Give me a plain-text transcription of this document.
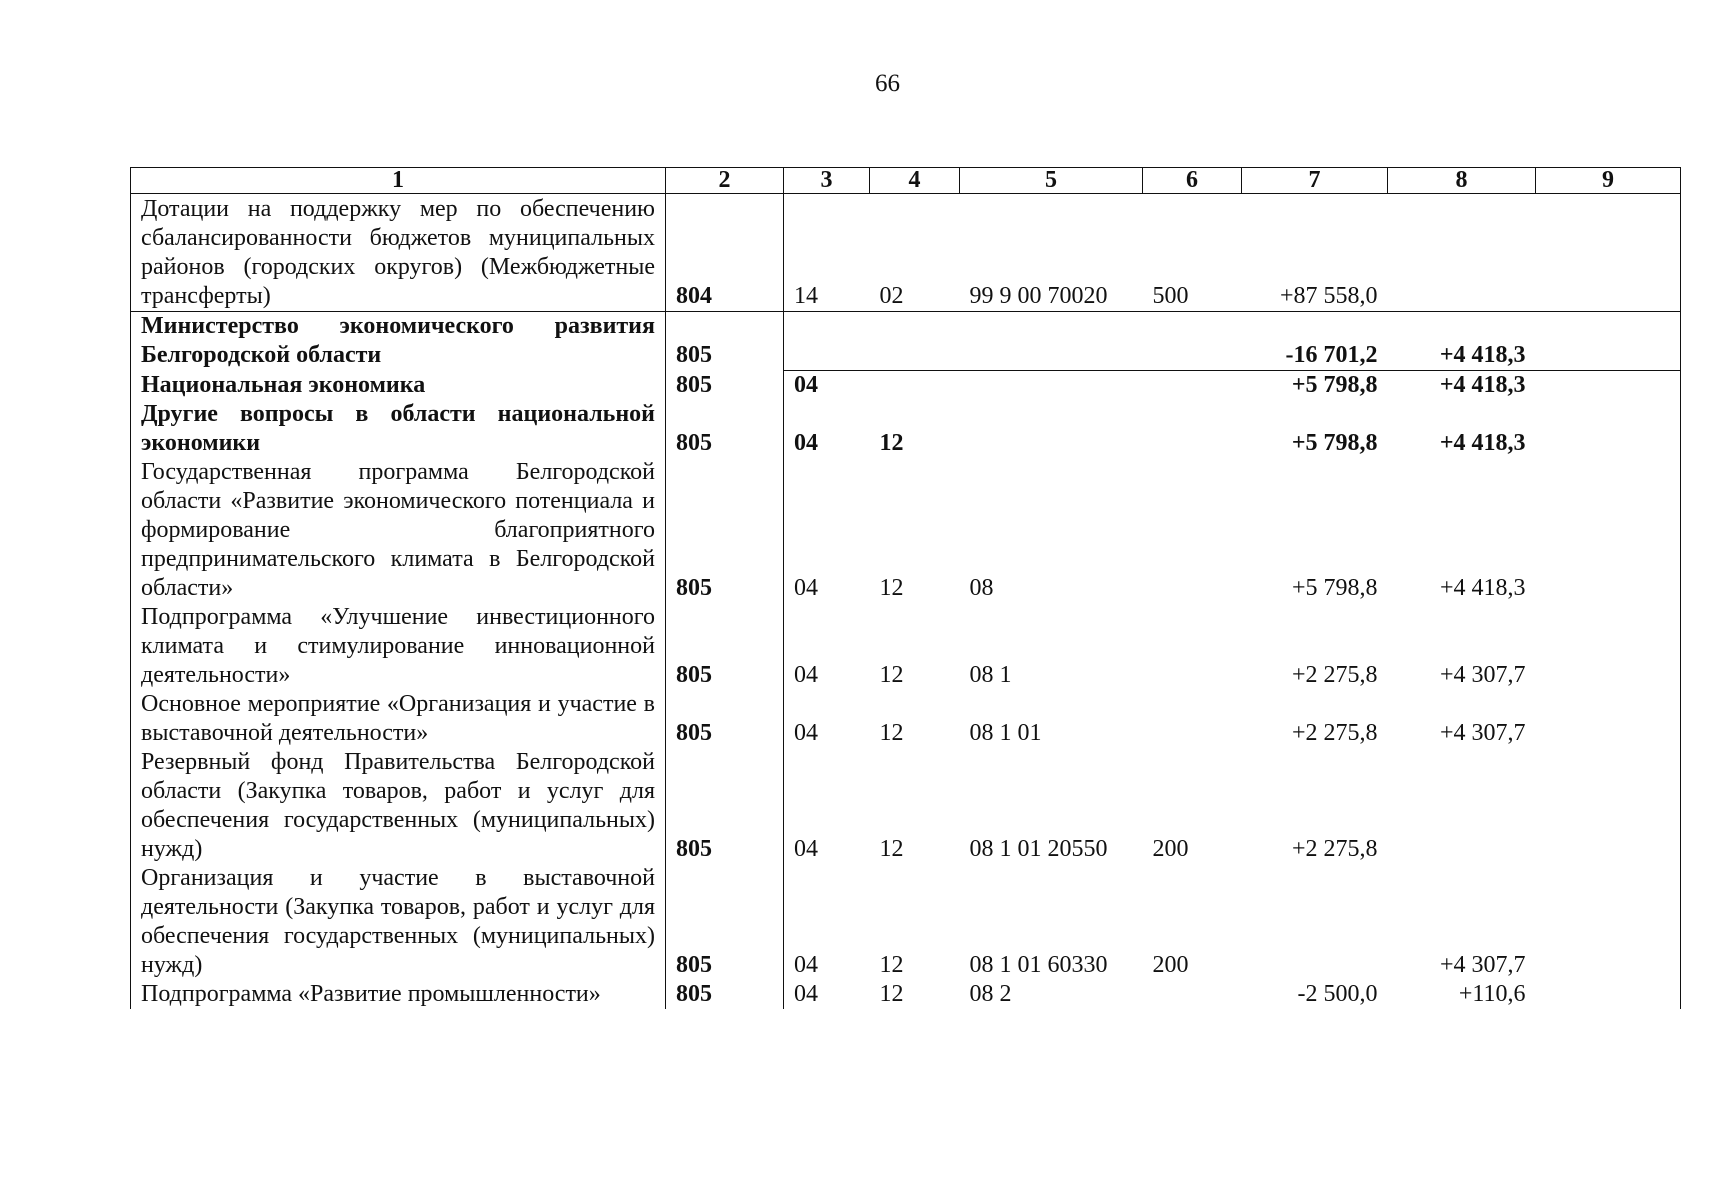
66
1	2	3	4	5	6	7	8	9
Дотации на поддержку мер по обеспечению сбалансированности бюджетов муниципальных районов (городских округов) (Межбюджетные трансферты)	804	14	02	99 9 00 70020	500	+87 558,0		
Министерство экономического развития Белгородской области	805					-16 701,2	+4 418,3	
Национальная экономика	805	04				+5 798,8	+4 418,3	
Другие вопросы в области национальной экономики	805	04	12			+5 798,8	+4 418,3	
Государственная программа Белгородской области «Развитие экономического потенциала и формирование благоприятного предпринимательского климата в Белгородской области»	805	04	12	08		+5 798,8	+4 418,3	
Подпрограмма «Улучшение инвестиционного климата и стимулирование инновационной деятельности»	805	04	12	08 1		+2 275,8	+4 307,7	
Основное мероприятие «Организация и участие в выставочной деятельности»	805	04	12	08 1 01		+2 275,8	+4 307,7	
Резервный фонд Правительства Белгородской области (Закупка товаров, работ и услуг для обеспечения государственных (муниципальных) нужд)	805	04	12	08 1 01 20550	200	+2 275,8		
Организация и участие в выставочной деятельности (Закупка товаров, работ и услуг для обеспечения государственных (муниципальных) нужд)	805	04	12	08 1 01 60330	200		+4 307,7	
Подпрограмма «Развитие промышленности»	805	04	12	08 2		-2 500,0	+110,6	
